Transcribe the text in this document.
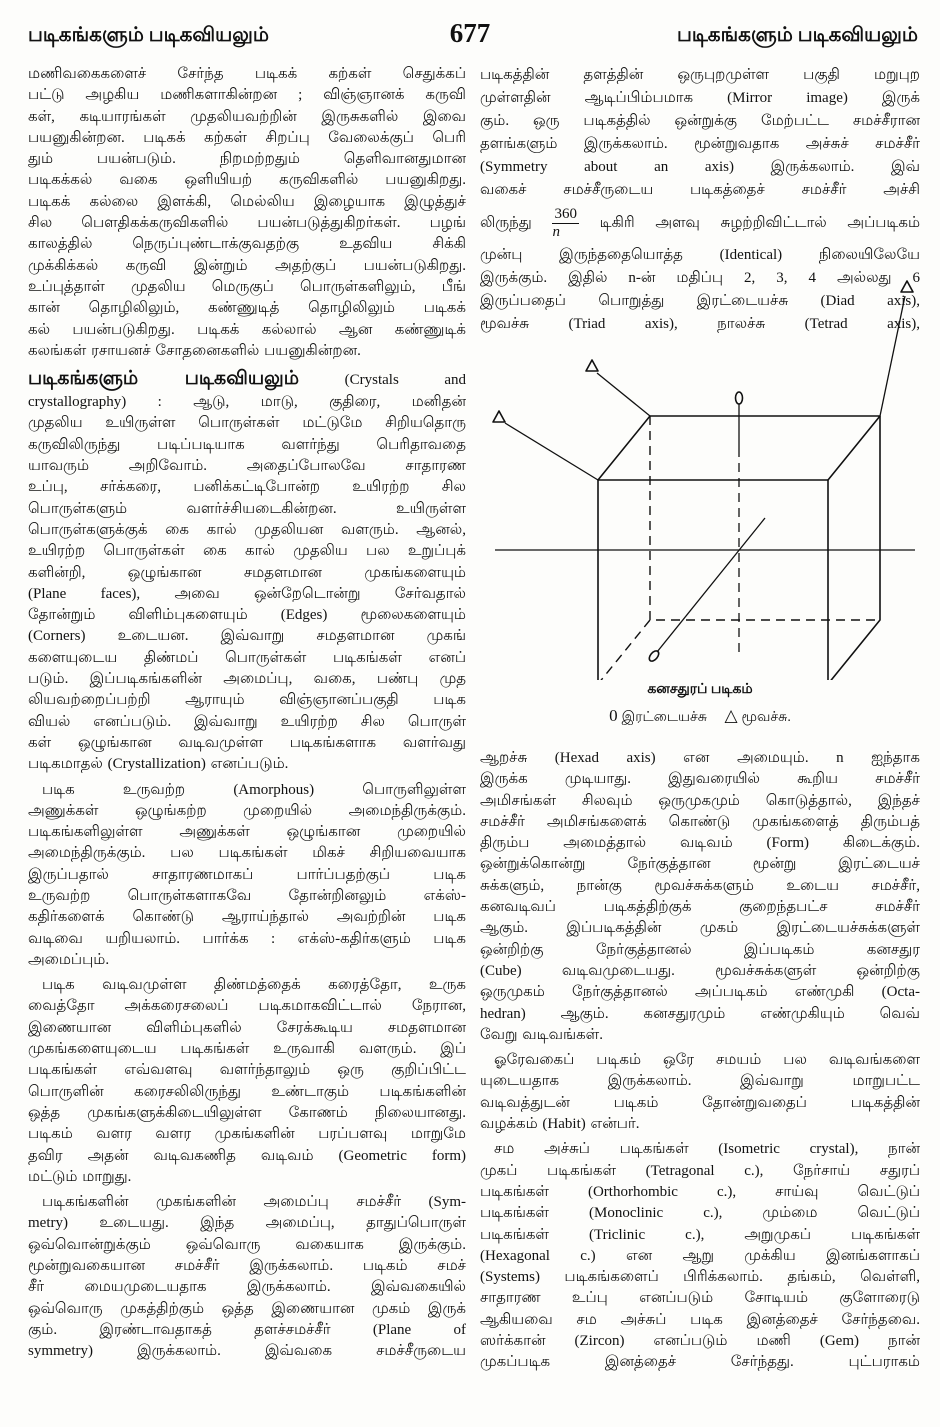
படிகங்களும் படிகவியலும்	677	படிகங்களும் படிகவியலும்
மணிவகைகளைச் சேர்ந்த படிகக் கற்கள் செதுக்கப்
பட்டு அழகிய மணிகளாகின்றன ; விஞ்ஞானக் கருவி
கள், கடியாரங்கள் முதலியவற்றின் இருசுகளில் இவை
பயனுகின்றன. படிகக் கற்கள் சிறப்பு வேலைக்குப் பெரி
தும் பயன்படும். நிறமற்றதும் தெளிவானதுமான
படிகக்கல் வகை ஒளியியற் கருவிகளில் பயனுகிறது.
படிகக் கல்லை இளக்கி, மெல்லிய இழையாக இழுத்துச்
சில பௌதிகக்கருவிகளில் பயன்படுத்துகிறர்கள். பழங்
காலத்தில் நெருப்புண்டாக்குவதற்கு உதவிய சிக்கி
முக்கிக்கல் கருவி இன்றும் அதற்குப் பயன்படுகிறது.
உப்புத்தாள் முதலிய மெருகுப் பொருள்களிலும், பீங்
கான் தொழிலிலும், கண்ணுடித் தொழிலிலும் படிகக்
கல் பயன்படுகிறது. படிகக் கல்லால் ஆன கண்ணுடிக்
கலங்கள் ரசாயனச் சோதனைகளில் பயனுகின்றன.
படிகங்களும் படிகவியலும்	(Crystals and
crystallography) : ஆடு, மாடு, குதிரை, மனிதன்
முதலிய உயிருள்ள பொருள்கள் மட்டுமே சிறியதொரு
கருவிலிருந்து படிப்படியாக வளர்ந்து பெரிதாவதை
யாவரும் அறிவோம். அதைப்போலவே சாதாரண
உப்பு, சர்க்கரை, பனிக்கட்டிபோன்ற உயிரற்ற சில
பொருள்களும் வளர்ச்சியடைகின்றன. உயிருள்ள
பொருள்களுக்குக் கை கால் முதலியன வளரும். ஆனல்,
உயிரற்ற பொருள்கள் கை கால் முதலிய பல உறுப்புக்
களின்றி, ஒழுங்கான சமதளமான முகங்களையும்
(Plane faces), அவை ஒன்றேடொன்று சேர்வதால்
தோன்றும் விளிம்புகளையும் (Edges) மூலைகளையும்
(Corners) உடையன. இவ்வாறு சமதளமான முகங்
களையுடைய திண்மப் பொருள்கள் படிகங்கள் எனப்
படும். இப்படிகங்களின் அமைப்பு, வகை, பண்பு முத
லியவற்றைப்பற்றி ஆராயும் விஞ்ஞானப்பகுதி படிக
வியல் எனப்படும். இவ்வாறு உயிரற்ற சில பொருள்
கள் ஒழுங்கான வடிவமுள்ள படிகங்களாக வளர்வது
படிகமாதல் (Crystallization) எனப்படும்.
படிக உருவற்ற (Amorphous) பொருளிலுள்ள
அணுக்கள் ஒழுங்கற்ற முறையில் அமைந்திருக்கும்.
படிகங்களிலுள்ள அணுக்கள் ஒழுங்கான முறையில்
அமைந்திருக்கும். பல படிகங்கள் மிகச் சிறியவையாக
இருப்பதால் சாதாரணமாகப் பார்ப்பதற்குப் படிக
உருவற்ற பொருள்களாகவே தோன்றினலும் எக்ஸ்-
கதிர்களைக் கொண்டு ஆராய்ந்தால் அவற்றின் படிக
வடிவை யறியலாம். பார்க்க : எக்ஸ்-கதிர்களும் படிக
அமைப்பும்.
படிக வடிவமுள்ள திண்மத்தைக் கரைத்தோ, உருக
வைத்தோ அக்கரைசலைப் படிகமாகவிட்டால் நேரான,
இணையான விளிம்புகளில் சேரக்கூடிய சமதளமான
முகங்களையுடைய படிகங்கள் உருவாகி வளரும். இப்
படிகங்கள் எவ்வளவு வளர்ந்தாலும் ஒரு குறிப்பிட்ட
பொருளின் கரைசலிலிருந்து உண்டாகும் படிகங்களின்
ஒத்த முகங்களுக்கிடையிலுள்ள கோணம் நிலையானது.
படிகம் வளர வளர முகங்களின் பரப்பளவு மாறுமே
தவிர அதன் வடிவகணித வடிவம் (Geometric form)
மட்டும் மாறுது.
படிகங்களின் முகங்களின் அமைப்பு சமச்சீர் (Sym-
metry) உடையது. இந்த அமைப்பு, தாதுப்பொருள்
ஒவ்வொன்றுக்கும் ஒவ்வொரு வகையாக இருக்கும்.
மூன்றுவகையான சமச்சீர் இருக்கலாம். படிகம் சமச்
சீர் மையமுடையதாக இருக்கலாம். இவ்வகையில்
ஒவ்வொரு முகத்திற்கும் ஒத்த இணையான முகம் இருக்
கும். இரண்டாவதாகத் தளச்சமச்சீர் (Plane of
symmetry) இருக்கலாம். இவ்வகை சமச்சீருடைய
படிகத்தின் தளத்தின் ஒருபுறமுள்ள பகுதி மறுபுற
முள்ளதின் ஆடிப்பிம்பமாக (Mirror image) இருக்
கும். ஒரு படிகத்தில் ஒன்றுக்கு மேற்பட்ட சமச்சீரான
தளங்களும் இருக்கலாம். மூன்றுவதாக அச்சுச் சமச்சீர்
(Symmetry about an axis) இருக்கலாம். இவ்
வகைச் சமச்சீருடைய படிகத்தைச் சமச்சீர் அச்சி
லிருந்து $\frac{360}{n}$ டிகிரி அளவு சுழற்றிவிட்டால் அப்படிகம்
முன்பு இருந்ததையொத்த (Identical) நிலையிலேயே
இருக்கும். இதில் n-ன் மதிப்பு 2, 3, 4 அல்லது 6
இருப்பதைப் பொறுத்து இரட்டையச்சு (Diad axis),
மூவச்சு (Triad axis), நாலச்சு (Tetrad axis),
கனசதுரப் படிகம்
0 இரட்டையச்சு △ மூவச்சு.
ஆறச்சு (Hexad axis) என அமையும். n ஐந்தாக
இருக்க முடியாது. இதுவரையில் கூறிய சமச்சீர்
அமிசங்கள் சிலவும் ஒருமுகமும் கொடுத்தால், இந்தச்
சமச்சீர் அமிசங்களைக் கொண்டு முகங்களைத் திரும்பத்
திரும்ப அமைத்தால் வடிவம் (Form) கிடைக்கும்.
ஒன்றுக்கொன்று நேர்குத்தான மூன்று இரட்டையச்
சுக்களும், நான்கு மூவச்சுக்களும் உடைய சமச்சீர்,
கனவடிவப் படிகத்திற்குக் குறைந்தபட்ச சமச்சீர்
ஆகும். இப்படிகத்தின் முகம் இரட்டையச்சுக்களுள்
ஒன்றிற்கு நேர்குத்தானல் இப்படிகம் கனசதுர
(Cube) வடிவமுடையது. மூவச்சுக்களுள் ஒன்றிற்கு
ஒருமுகம் நேர்குத்தானல் அப்படிகம் எண்முகி (Octa-
hedran) ஆகும். கனசதுரமும் எண்முகியும் வெவ்
வேறு வடிவங்கள்.
ஓரேவகைப் படிகம் ஒரே சமயம் பல வடிவங்களை
யுடையதாக இருக்கலாம். இவ்வாறு மாறுபட்ட
வடிவத்துடன் படிகம் தோன்றுவதைப் படிகத்தின்
வழக்கம் (Habit) என்பர்.
சம அச்சுப் படிகங்கள் (Isometric crystal), நான்
முகப் படிகங்கள் (Tetragonal c.), நேர்சாய் சதுரப்
படிகங்கள் (Orthorhombic c.), சாய்வு வெட்டுப்
படிகங்கள் (Monoclinic c.), மும்மை வெட்டுப்
படிகங்கள் (Triclinic c.), அறுமுகப் படிகங்கள்
(Hexagonal c.) என ஆறு முக்கிய இனங்களாகப்
(Systems) படிகங்களைப் பிரிக்கலாம். தங்கம், வெள்ளி,
சாதாரண உப்பு எனப்படும் சோடியம் குளோரைடு
ஆகியவை சம அச்சுப் படிக இனத்தைச் சேர்ந்தவை.
ஸர்க்கான் (Zircon) எனப்படும் மணி (Gem) நான்
முகப்படிக இனத்தைச் சேர்ந்தது. புட்பராகம்
